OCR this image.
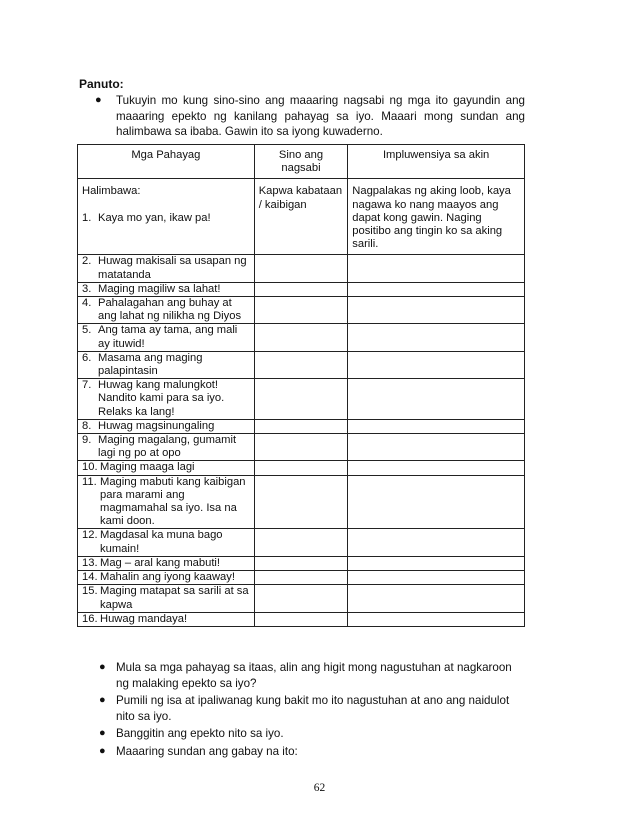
Panuto:
●	Tukuyin mo kung sino-sino ang maaaring nagsabi ng mga ito gayundin ang maaaring epekto ng kanilang pahayag sa iyo. Maaari mong sundan ang halimbawa sa ibaba. Gawin ito sa iyong kuwaderno.
Mga Pahayag	Sino ang nagsabi	Impluwensiya sa akin

Halimbawa:
1. Kaya mo yan, ikaw pa!	Kapwa kabataan / kaibigan	Nagpalakas ng aking loob, kaya nagawa ko nang maayos ang dapat kong gawin. Naging positibo ang tingin ko sa aking sarili.

2. Huwag makisali sa usapan ng matatanda		

3. Maging magiliw sa lahat!		

4. Pahalagahan ang buhay at ang lahat ng nilikha ng Diyos		

5. Ang tama ay tama, ang mali ay ituwid!		

6. Masama ang maging palapintasin		

7. Huwag kang malungkot! Nandito kami para sa iyo. Relaks ka lang!		

8. Huwag magsinungaling		

9. Maging magalang, gumamit lagi ng po at opo		

10. Maging maaga lagi		

11. Maging mabuti kang kaibigan para marami ang magmamahal sa iyo. Isa na kami doon.		

12. Magdasal ka muna bago kumain!		

13. Mag – aral kang mabuti!		

14. Mahalin ang iyong kaaway!		

15. Maging matapat sa sarili at sa kapwa		

16. Huwag mandaya!		

● Mula sa mga pahayag sa itaas, alin ang higit mong nagustuhan at nagkaroon ng malaking epekto sa iyo?
● Pumili ng isa at ipaliwanag kung bakit mo ito nagustuhan at ano ang naidulot nito sa iyo.
● Banggitin ang epekto nito sa iyo.
● Maaaring sundan ang gabay na ito:
62
